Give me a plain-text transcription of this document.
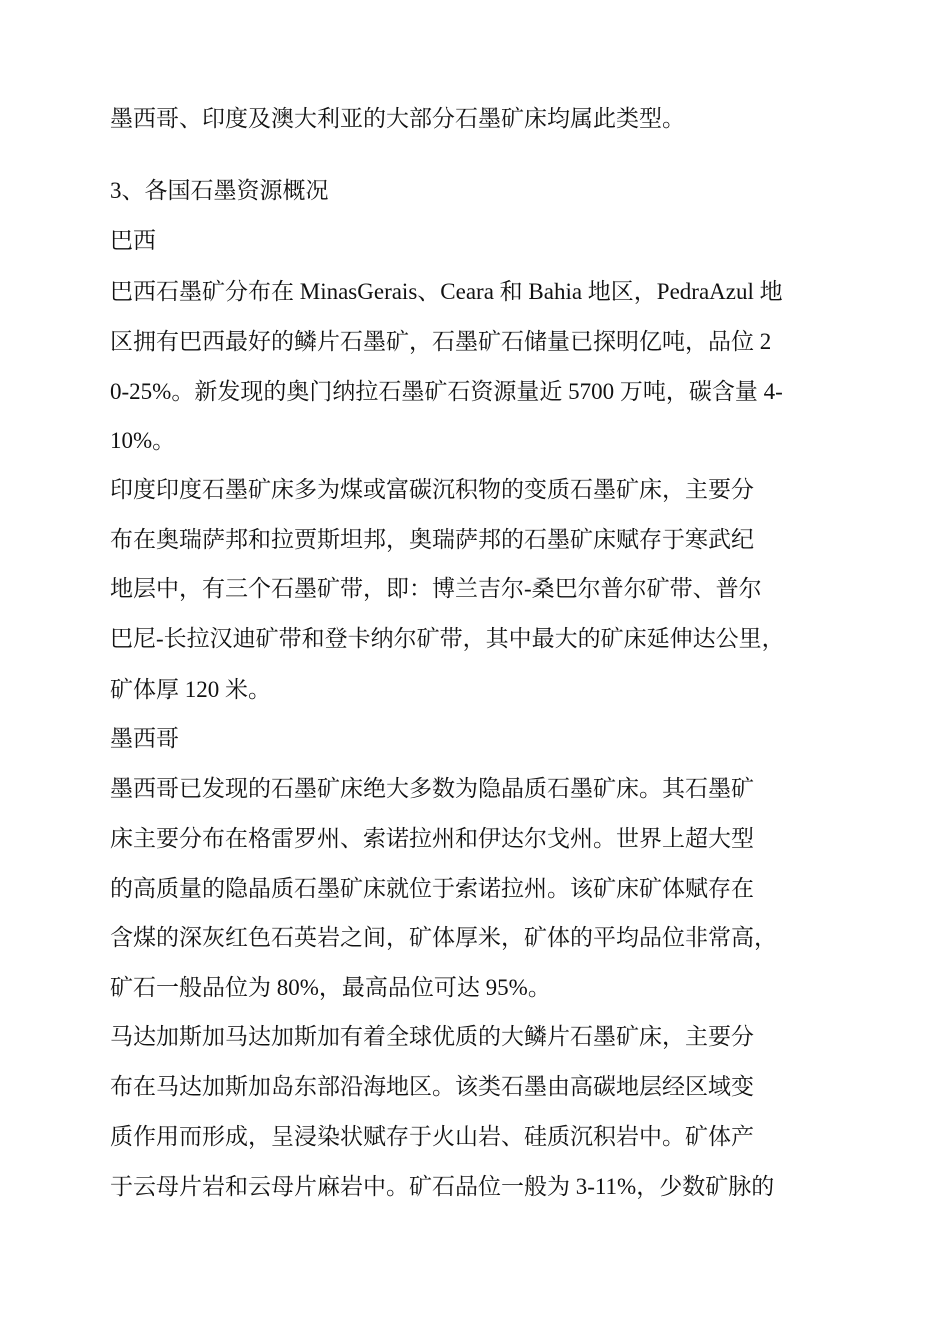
墨西哥、印度及澳大利亚的大部分石墨矿床均属此类型。
3、各国石墨资源概况
巴西
巴西石墨矿分布在 MinasGerais、Ceara 和 Bahia 地区，PedraAzul 地
区拥有巴西最好的鳞片石墨矿，石墨矿石储量已探明亿吨，品位 2
0-25%。新发现的奥门纳拉石墨矿石资源量近 5700 万吨，碳含量 4-
10%。
印度印度石墨矿床多为煤或富碳沉积物的变质石墨矿床，主要分
布在奥瑞萨邦和拉贾斯坦邦，奥瑞萨邦的石墨矿床赋存于寒武纪
地层中，有三个石墨矿带，即：博兰吉尔-桑巴尔普尔矿带、普尔
巴尼-长拉汉迪矿带和登卡纳尔矿带，其中最大的矿床延伸达公里，
矿体厚 120 米。
墨西哥
墨西哥已发现的石墨矿床绝大多数为隐晶质石墨矿床。其石墨矿
床主要分布在格雷罗州、索诺拉州和伊达尔戈州。世界上超大型
的高质量的隐晶质石墨矿床就位于索诺拉州。该矿床矿体赋存在
含煤的深灰红色石英岩之间，矿体厚米，矿体的平均品位非常高，
矿石一般品位为 80%，最高品位可达 95%。
马达加斯加马达加斯加有着全球优质的大鳞片石墨矿床，主要分
布在马达加斯加岛东部沿海地区。该类石墨由高碳地层经区域变
质作用而形成，呈浸染状赋存于火山岩、硅质沉积岩中。矿体产
于云母片岩和云母片麻岩中。矿石品位一般为 3-11%，少数矿脉的
